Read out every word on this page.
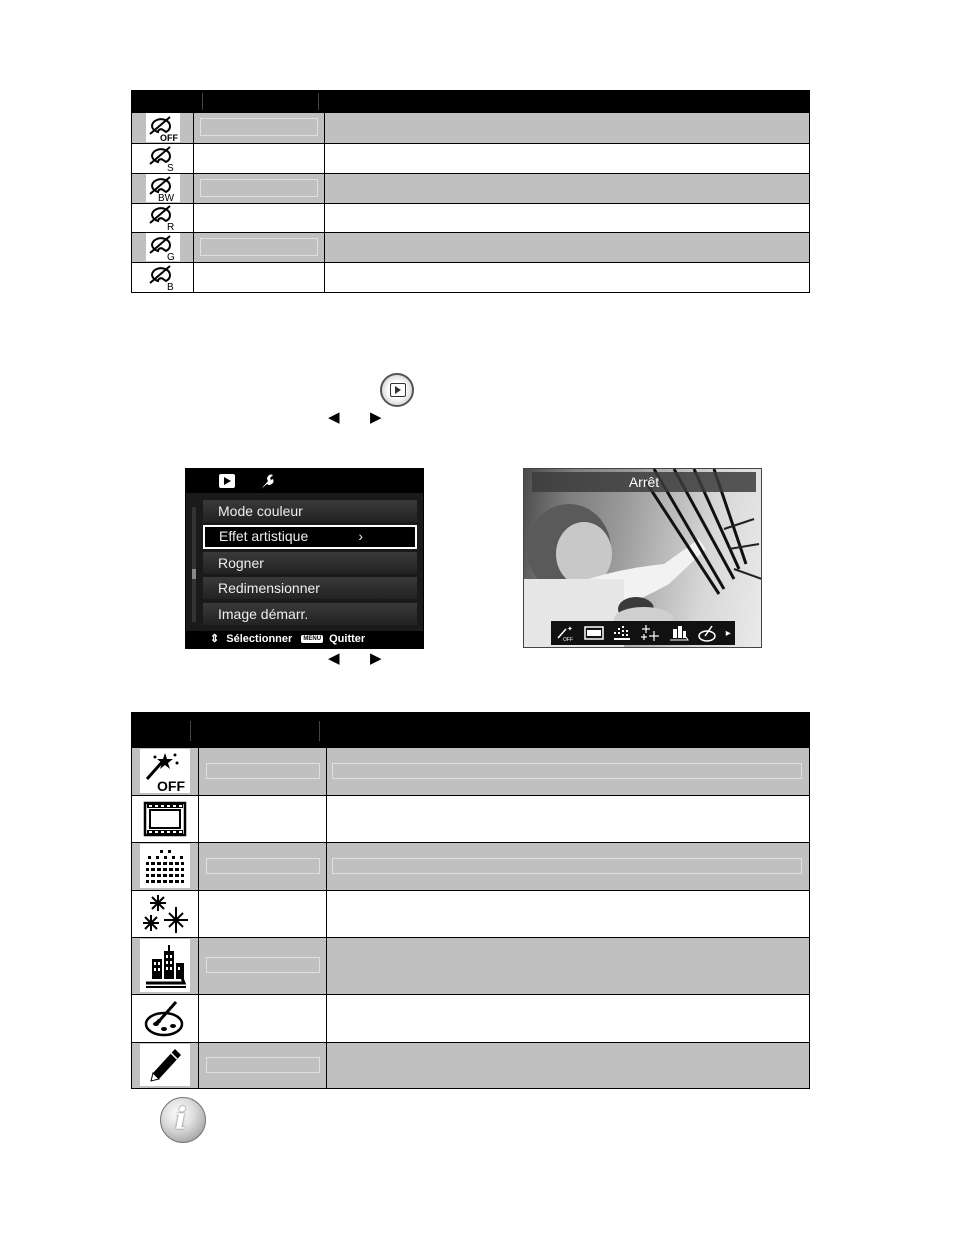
OFF
S
BW
R
G
B
◀ ▶
Mode couleur
Effet artistique	›
Rogner
Redimensionner
Image démarr.
⇕ Sélectionner MENU Quitter
◀ ▶
Arrêt
✦
OFF
▸
OFF
i
